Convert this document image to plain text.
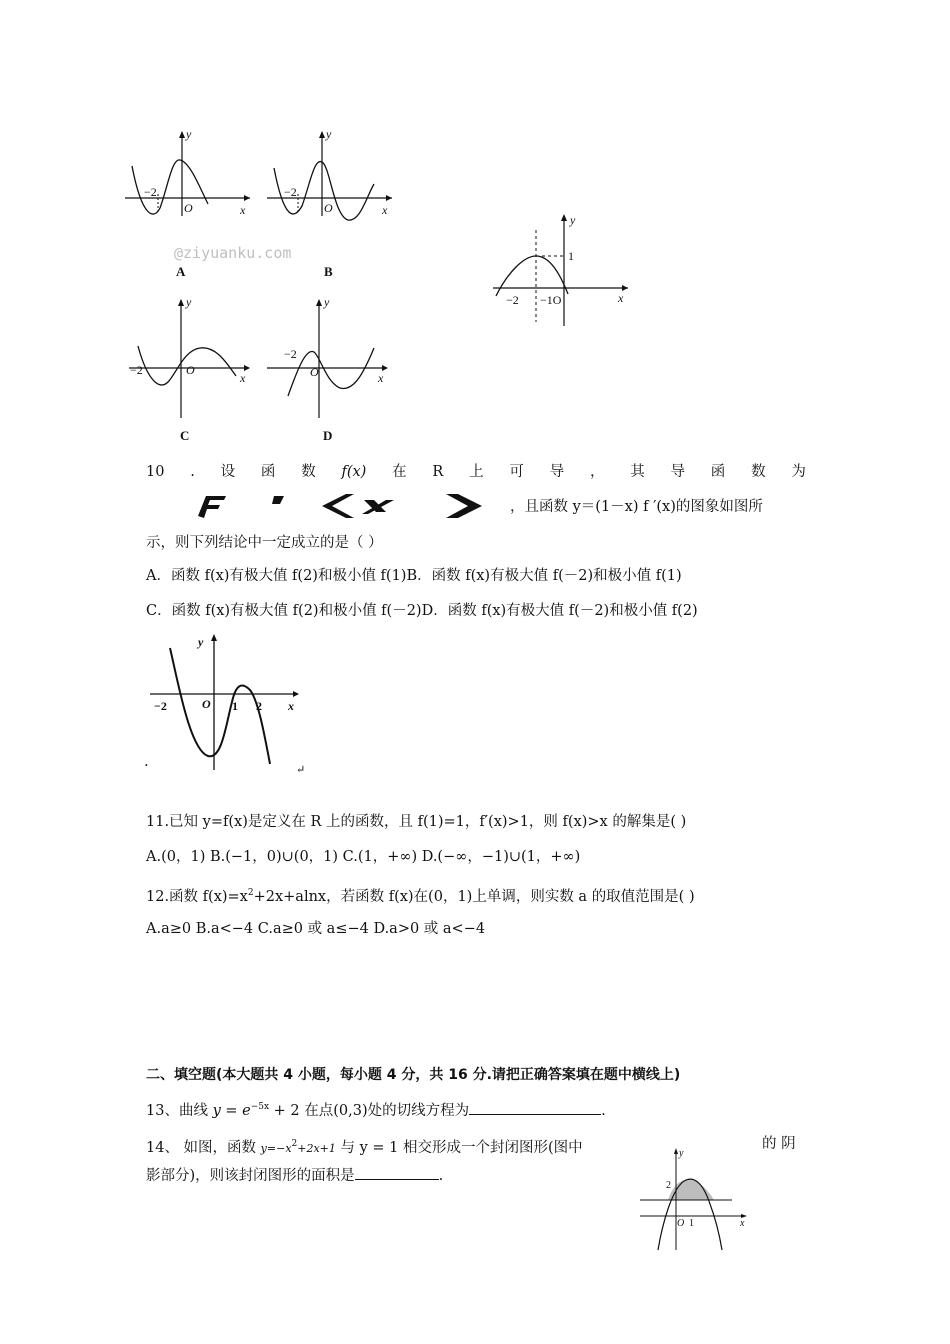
−2
O	x
y
A
−2
O	x
y
B
@ziyuanku.com
−2	O
x
y
C
−2
O	x
y
D
−2 −1O
1
x
y
10 . 设 函 数 f(x) 在 R 上 可 导 ， 其 导 函 数 为
，且函数 y＝(1－x) f ′(x)的图象如图所
示，则下列结论中一定成立的是（ ）
A．函数 f(x)有极大值 f(2)和极小值 f(1)B．函数 f(x)有极大值 f(－2)和极小值 f(1)
C．函数 f(x)有极大值 f(2)和极小值 f(－2)D．函数 f(x)有极大值 f(－2)和极小值 f(2)
−2	O 1 2 x
y
.	↵
11.已知 y=f(x)是定义在 R 上的函数，且 f(1)=1，f′(x)>1，则 f(x)>x 的解集是( )
A.(0，1) B.(−1，0)∪(0，1) C.(1，+∞) D.(−∞，−1)∪(1，+∞)
12.函数 $f(x)=x^2+2x+alnx$，若函数 f(x)在(0，1)上单调，则实数 a 的取值范围是( )
A.a≥0 B.a<−4 C.a≥0 或 a≤−4 D.a>0 或 a<−4
二、填空题(本大题共 4 小题，每小题 4 分，共 16 分.请把正确答案填在题中横线上)
13、曲线 $y = e^{-5x} + 2$ 在点(0,3)处的切线方程为	.
14、 如图，函数 $y=-x^2+2x+1$ 与 y = 1 相交形成一个封闭图形(图中	的 阴
影部分)，则该封闭图形的面积是	.
2
O 1	x
y
